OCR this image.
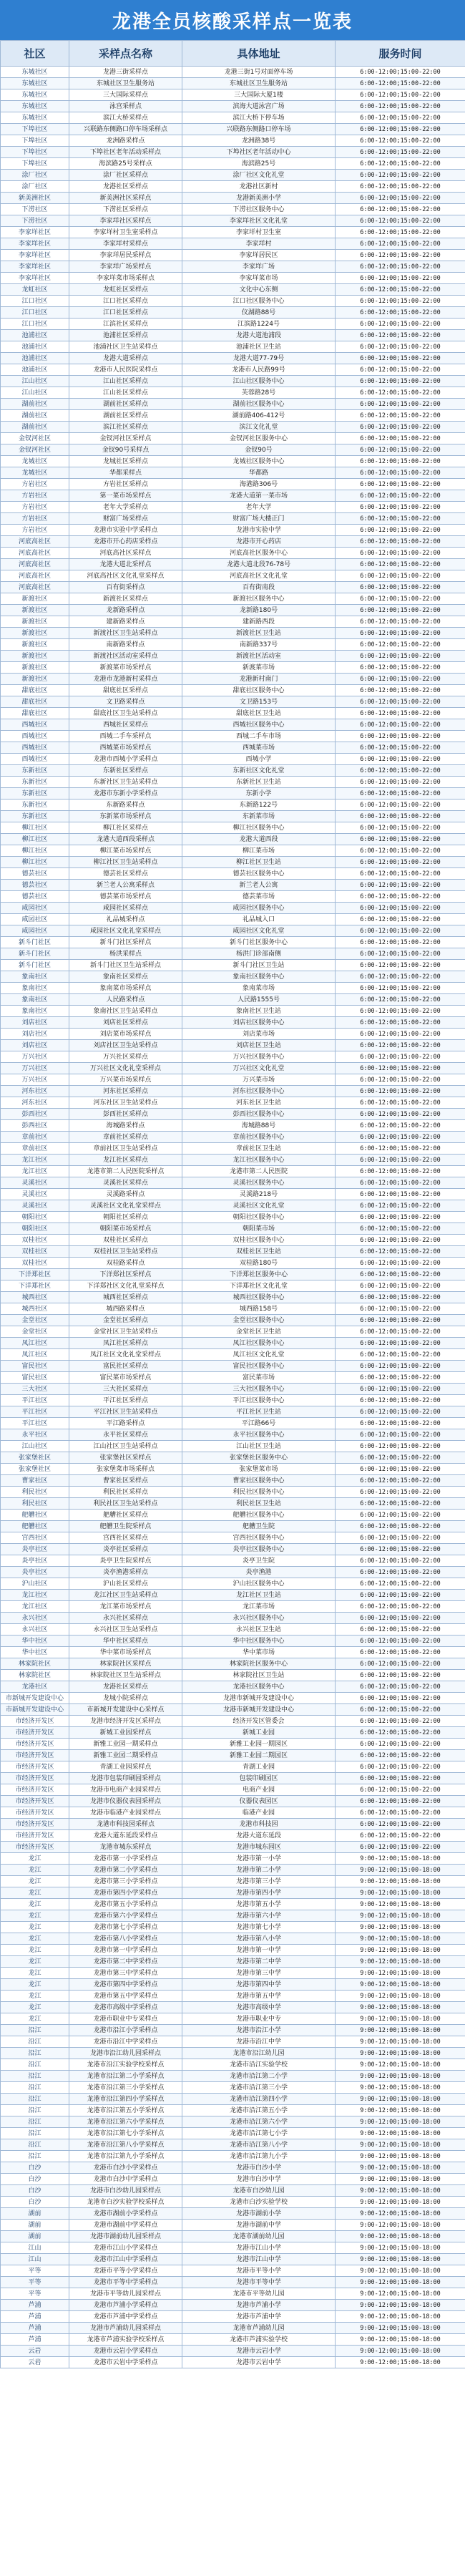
龙港全员核酸采样点一览表
社区	采样点名称	具体地址	服务时间
东城社区	龙港三街采样点	龙港三街1号对面停车场	6:00-12:00;15:00-22:00
东城社区	东城社区卫生服务站	东城社区卫生服务站	6:00-12:00;15:00-22:00
东城社区	三大国际采样点	三大国际大厦1楼	6:00-12:00;15:00-22:00
东城社区	泳宫采样点	滨海大道泳宫广场	6:00-12:00;15:00-22:00
东城社区	滨江大桥采样点	滨江大桥下停车场	6:00-12:00;15:00-22:00
下埠社区	兴联路东侧路口停车场采样点	兴联路东侧路口停车场	6:00-12:00;15:00-22:00
下埠社区	龙洲路采样点	龙洲路38号	6:00-12:00;15:00-22:00
下埠社区	下埠社区老年活动采样点	下埠社区老年活动中心	6:00-12:00;15:00-22:00
下埠社区	海滨路25号采样点	海滨路25号	6:00-12:00;15:00-22:00
涂厂社区	涂厂社区采样点	涂厂社区文化礼堂	6:00-12:00;15:00-22:00
涂厂社区	龙港社区采样点	龙港社区新村	6:00-12:00;15:00-22:00
新美洲社区	新美洲社区采样点	龙港新美洲小学	6:00-12:00;15:00-22:00
下涝社区	下涝社区采样点	下涝社区服务中心	6:00-12:00;15:00-22:00
下涝社区	李家垟社区采样点	李家垟社区文化礼堂	6:00-12:00;15:00-22:00
李家垟社区	李家垟村卫生室采样点	李家垟村卫生室	6:00-12:00;15:00-22:00
李家垟社区	李家垟村采样点	李家垟村	6:00-12:00;15:00-22:00
李家垟社区	李家垟居民采样点	李家垟居民区	6:00-12:00;15:00-22:00
李家垟社区	李家垟广场采样点	李家垟广场	6:00-12:00;15:00-22:00
李家垟社区	李家垟菜市场采样点	李家垟菜市场	6:00-12:00;15:00-22:00
龙虹社区	龙虹社区采样点	文化中心东侧	6:00-12:00;15:00-22:00
江口社区	江口社区采样点	江口社区服务中心	6:00-12:00;15:00-22:00
江口社区	江口社区采样点	仪湖路88号	6:00-12:00;15:00-22:00
江口社区	江滨社区采样点	江滨路1224号	6:00-12:00;15:00-22:00
池浦社区	池浦社区采样点	龙港大道池浦段	6:00-12:00;15:00-22:00
池浦社区	池浦社区卫生站采样点	池浦社区卫生站	6:00-12:00;15:00-22:00
池浦社区	龙港大道采样点	龙港大道77-79号	6:00-12:00;15:00-22:00
池浦社区	龙港市人民医院采样点	龙港市人民路99号	6:00-12:00;15:00-22:00
江山社区	江山社区采样点	江山社区服务中心	6:00-12:00;15:00-22:00
江山社区	江山社区采样点	芙蓉路28号	6:00-12:00;15:00-22:00
湖前社区	湖前社区采样点	湖前社区服务中心	6:00-12:00;15:00-22:00
湖前社区	湖前社区采样点	湖前路406-412号	6:00-12:00;15:00-22:00
湖前社区	滨江社区采样点	滨江文化礼堂	6:00-12:00;15:00-22:00
金钗河社区	金钗河社区采样点	金钗河社区服务中心	6:00-12:00;15:00-22:00
金钗河社区	金钗90号采样点	金钗90号	6:00-12:00;15:00-22:00
龙城社区	龙城社区采样点	龙城社区服务中心	6:00-12:00;15:00-22:00
龙城社区	华都采样点	华都路	6:00-12:00;15:00-22:00
方岩社区	方岩社区采样点	海港路306号	6:00-12:00;15:00-22:00
方岩社区	第一菜市场采样点	龙港大道第一菜市场	6:00-12:00;15:00-22:00
方岩社区	老年大学采样点	老年大学	6:00-12:00;15:00-22:00
方岩社区	财富广场采样点	财富广场大楼正门	6:00-12:00;15:00-22:00
方岩社区	龙港市实验中学采样点	龙港市实验中学	6:00-12:00;15:00-22:00
河底高社区	龙港市开心药店采样点	龙港市开心药店	6:00-12:00;15:00-22:00
河底高社区	河底高社区采样点	河底高社区服务中心	6:00-12:00;15:00-22:00
河底高社区	龙港大道北采样点	龙港大道北段76-78号	6:00-12:00;15:00-22:00
河底高社区	河底高社区文化礼堂采样点	河底高社区文化礼堂	6:00-12:00;15:00-22:00
河底高社区	百有街采样点	百有街南段	6:00-12:00;15:00-22:00
新渡社区	新渡社区采样点	新渡社区服务中心	6:00-12:00;15:00-22:00
新渡社区	龙新路采样点	龙新路180号	6:00-12:00;15:00-22:00
新渡社区	建新路采样点	建新路西段	6:00-12:00;15:00-22:00
新渡社区	新渡社区卫生站采样点	新渡社区卫生站	6:00-12:00;15:00-22:00
新渡社区	南新路采样点	南新路337号	6:00-12:00;15:00-22:00
新渡社区	新渡社区活动室采样点	新渡社区活动室	6:00-12:00;15:00-22:00
新渡社区	新渡菜市场采样点	新渡菜市场	6:00-12:00;15:00-22:00
新渡社区	龙港市龙港新村采样点	龙港新村南门	6:00-12:00;15:00-22:00
甜底社区	甜底社区采样点	甜底社区服务中心	6:00-12:00;15:00-22:00
甜底社区	文卫路采样点	文卫路153号	6:00-12:00;15:00-22:00
甜底社区	甜底社区卫生站采样点	甜底社区卫生站	6:00-12:00;15:00-22:00
西城社区	西城社区采样点	西城社区服务中心	6:00-12:00;15:00-22:00
西城社区	西城二手车采样点	西城二手车市场	6:00-12:00;15:00-22:00
西城社区	西城菜市场采样点	西城菜市场	6:00-12:00;15:00-22:00
西城社区	龙港市西城小学采样点	西城小学	6:00-12:00;15:00-22:00
东新社区	东新社区采样点	东新社区文化礼堂	6:00-12:00;15:00-22:00
东新社区	东新社区卫生站采样点	东新社区卫生站	6:00-12:00;15:00-22:00
东新社区	龙港市东新小学采样点	东新小学	6:00-12:00;15:00-22:00
东新社区	东新路采样点	东新路122号	6:00-12:00;15:00-22:00
东新社区	东新菜市场采样点	东新菜市场	6:00-12:00;15:00-22:00
柳江社区	柳江社区采样点	柳江社区服务中心	6:00-12:00;15:00-22:00
柳江社区	龙港大道西段采样点	龙港大道西段	6:00-12:00;15:00-22:00
柳江社区	柳江菜市场采样点	柳江菜市场	6:00-12:00;15:00-22:00
柳江社区	柳江社区卫生站采样点	柳江社区卫生站	6:00-12:00;15:00-22:00
德芸社区	德芸社区采样点	德芸社区服务中心	6:00-12:00;15:00-22:00
德芸社区	新兰老人公寓采样点	新兰老人公寓	6:00-12:00;15:00-22:00
德芸社区	德芸菜市场采样点	德芸菜市场	6:00-12:00;15:00-22:00
咸园社区	咸园社区采样点	咸园社区服务中心	6:00-12:00;15:00-22:00
咸园社区	礼品城采样点	礼品城入口	6:00-12:00;15:00-22:00
咸园社区	咸园社区文化礼堂采样点	咸园社区文化礼堂	6:00-12:00;15:00-22:00
新斗门社区	新斗门社区采样点	新斗门社区服务中心	6:00-12:00;15:00-22:00
新斗门社区	杨洪采样点	杨洪门诊部南侧	6:00-12:00;15:00-22:00
新斗门社区	新斗门社区卫生站采样点	新斗门社区卫生站	6:00-12:00;15:00-22:00
象南社区	象南社区采样点	象南社区服务中心	6:00-12:00;15:00-22:00
象南社区	象南菜市场采样点	象南菜市场	6:00-12:00;15:00-22:00
象南社区	人民路采样点	人民路1555号	6:00-12:00;15:00-22:00
象南社区	象南社区卫生站采样点	象南社区卫生站	6:00-12:00;15:00-22:00
刘店社区	刘店社区采样点	刘店社区服务中心	6:00-12:00;15:00-22:00
刘店社区	刘店菜市场采样点	刘店菜市场	6:00-12:00;15:00-22:00
刘店社区	刘店社区卫生站采样点	刘店社区卫生站	6:00-12:00;15:00-22:00
万兴社区	万兴社区采样点	万兴社区服务中心	6:00-12:00;15:00-22:00
万兴社区	万兴社区文化礼堂采样点	万兴社区文化礼堂	6:00-12:00;15:00-22:00
万兴社区	万兴菜市场采样点	万兴菜市场	6:00-12:00;15:00-22:00
河东社区	河东社区采样点	河东社区服务中心	6:00-12:00;15:00-22:00
河东社区	河东社区卫生站采样点	河东社区卫生站	6:00-12:00;15:00-22:00
彭西社区	彭西社区采样点	彭西社区服务中心	6:00-12:00;15:00-22:00
彭西社区	海城路采样点	海城路88号	6:00-12:00;15:00-22:00
章前社区	章前社区采样点	章前社区服务中心	6:00-12:00;15:00-22:00
章前社区	章前社区卫生站采样点	章前社区卫生站	6:00-12:00;15:00-22:00
龙江社区	龙江社区采样点	龙江社区服务中心	6:00-12:00;15:00-22:00
龙江社区	龙港市第二人民医院采样点	龙港市第二人民医院	6:00-12:00;15:00-22:00
灵溪社区	灵溪社区采样点	灵溪社区服务中心	6:00-12:00;15:00-22:00
灵溪社区	灵溪路采样点	灵溪路218号	6:00-12:00;15:00-22:00
灵溪社区	灵溪社区文化礼堂采样点	灵溪社区文化礼堂	6:00-12:00;15:00-22:00
朝阳社区	朝阳社区采样点	朝阳社区服务中心	6:00-12:00;15:00-22:00
朝阳社区	朝阳菜市场采样点	朝阳菜市场	6:00-12:00;15:00-22:00
双桂社区	双桂社区采样点	双桂社区服务中心	6:00-12:00;15:00-22:00
双桂社区	双桂社区卫生站采样点	双桂社区卫生站	6:00-12:00;15:00-22:00
双桂社区	双桂路采样点	双桂路180号	6:00-12:00;15:00-22:00
下洋郑社区	下洋郑社区采样点	下洋郑社区服务中心	6:00-12:00;15:00-22:00
下洋郑社区	下洋郑社区文化礼堂采样点	下洋郑社区文化礼堂	6:00-12:00;15:00-22:00
城西社区	城西社区采样点	城西社区服务中心	6:00-12:00;15:00-22:00
城西社区	城西路采样点	城西路158号	6:00-12:00;15:00-22:00
金堂社区	金堂社区采样点	金堂社区服务中心	6:00-12:00;15:00-22:00
金堂社区	金堂社区卫生站采样点	金堂社区卫生站	6:00-12:00;15:00-22:00
凤江社区	凤江社区采样点	凤江社区服务中心	6:00-12:00;15:00-22:00
凤江社区	凤江社区文化礼堂采样点	凤江社区文化礼堂	6:00-12:00;15:00-22:00
富民社区	富民社区采样点	富民社区服务中心	6:00-12:00;15:00-22:00
富民社区	富民菜市场采样点	富民菜市场	6:00-12:00;15:00-22:00
三大社区	三大社区采样点	三大社区服务中心	6:00-12:00;15:00-22:00
平江社区	平江社区采样点	平江社区服务中心	6:00-12:00;15:00-22:00
平江社区	平江社区卫生站采样点	平江社区卫生站	6:00-12:00;15:00-22:00
平江社区	平江路采样点	平江路66号	6:00-12:00;15:00-22:00
永平社区	永平社区采样点	永平社区服务中心	6:00-12:00;15:00-22:00
江山社区	江山社区卫生站采样点	江山社区卫生站	6:00-12:00;15:00-22:00
张家堡社区	张家堡社区采样点	张家堡社区服务中心	6:00-12:00;15:00-22:00
张家堡社区	张家堡菜市场采样点	张家堡菜市场	6:00-12:00;15:00-22:00
曹家社区	曹家社区采样点	曹家社区服务中心	6:00-12:00;15:00-22:00
利民社区	利民社区采样点	利民社区服务中心	6:00-12:00;15:00-22:00
利民社区	利民社区卫生站采样点	利民社区卫生站	6:00-12:00;15:00-22:00
舥艚社区	舥艚社区采样点	舥艚社区服务中心	6:00-12:00;15:00-22:00
舥艚社区	舥艚卫生院采样点	舥艚卫生院	6:00-12:00;15:00-22:00
宫西社区	宫西社区采样点	宫西社区服务中心	6:00-12:00;15:00-22:00
炎亭社区	炎亭社区采样点	炎亭社区服务中心	6:00-12:00;15:00-22:00
炎亭社区	炎亭卫生院采样点	炎亭卫生院	6:00-12:00;15:00-22:00
炎亭社区	炎亭渔港采样点	炎亭渔港	6:00-12:00;15:00-22:00
沪山社区	沪山社区采样点	沪山社区服务中心	6:00-12:00;15:00-22:00
龙江社区	龙江社区卫生站采样点	龙江社区卫生站	6:00-12:00;15:00-22:00
龙江社区	龙江菜市场采样点	龙江菜市场	6:00-12:00;15:00-22:00
永兴社区	永兴社区采样点	永兴社区服务中心	6:00-12:00;15:00-22:00
永兴社区	永兴社区卫生站采样点	永兴社区卫生站	6:00-12:00;15:00-22:00
华中社区	华中社区采样点	华中社区服务中心	6:00-12:00;15:00-22:00
华中社区	华中菜市场采样点	华中菜市场	6:00-12:00;15:00-22:00
林家院社区	林家院社区采样点	林家院社区服务中心	6:00-12:00;15:00-22:00
林家院社区	林家院社区卫生站采样点	林家院社区卫生站	6:00-12:00;15:00-22:00
龙港社区	龙港社区采样点	龙港社区服务中心	6:00-12:00;15:00-22:00
市新城开发建设中心	龙城小院采样点	龙港市新城开发建设中心	6:00-12:00;15:00-22:00
市新城开发建设中心	市新城开发建设中心采样点	龙港市新城开发建设中心	6:00-12:00;15:00-22:00
市经济开发区	龙港市经济开发区采样点	经济开发区管委会	6:00-12:00;15:00-22:00
市经济开发区	新城工业园采样点	新城工业园	6:00-12:00;15:00-22:00
市经济开发区	新雅工业园一期采样点	新雅工业园一期园区	6:00-12:00;15:00-22:00
市经济开发区	新雅工业园二期采样点	新雅工业园二期园区	6:00-12:00;15:00-22:00
市经济开发区	青湖工业园采样点	青湖工业园	6:00-12:00;15:00-22:00
市经济开发区	龙港市包装印刷园采样点	包装印刷园区	6:00-12:00;15:00-22:00
市经济开发区	龙港市电商产业园采样点	电商产业园	6:00-12:00;15:00-22:00
市经济开发区	龙港市仪器仪表园采样点	仪器仪表园区	6:00-12:00;15:00-22:00
市经济开发区	龙港市临港产业园采样点	临港产业园	6:00-12:00;15:00-22:00
市经济开发区	龙港市科技园采样点	龙港市科技园	6:00-12:00;15:00-22:00
市经济开发区	龙港大道东延段采样点	龙港大道东延段	6:00-12:00;15:00-22:00
市经济开发区	龙港市城东采样点	龙港市城东园区	6:00-12:00;15:00-22:00
龙江	龙港市第一小学采样点	龙港市第一小学	9:00-12:00;15:00-18:00
龙江	龙港市第二小学采样点	龙港市第二小学	9:00-12:00;15:00-18:00
龙江	龙港市第三小学采样点	龙港市第三小学	9:00-12:00;15:00-18:00
龙江	龙港市第四小学采样点	龙港市第四小学	9:00-12:00;15:00-18:00
龙江	龙港市第五小学采样点	龙港市第五小学	9:00-12:00;15:00-18:00
龙江	龙港市第六小学采样点	龙港市第六小学	9:00-12:00;15:00-18:00
龙江	龙港市第七小学采样点	龙港市第七小学	9:00-12:00;15:00-18:00
龙江	龙港市第八小学采样点	龙港市第八小学	9:00-12:00;15:00-18:00
龙江	龙港市第一中学采样点	龙港市第一中学	9:00-12:00;15:00-18:00
龙江	龙港市第二中学采样点	龙港市第二中学	9:00-12:00;15:00-18:00
龙江	龙港市第三中学采样点	龙港市第三中学	9:00-12:00;15:00-18:00
龙江	龙港市第四中学采样点	龙港市第四中学	9:00-12:00;15:00-18:00
龙江	龙港市第五中学采样点	龙港市第五中学	9:00-12:00;15:00-18:00
龙江	龙港市高级中学采样点	龙港市高级中学	9:00-12:00;15:00-18:00
龙江	龙港市职业中专采样点	龙港市职业中专	9:00-12:00;15:00-18:00
沿江	龙港市沿江小学采样点	龙港市沿江小学	9:00-12:00;15:00-18:00
沿江	龙港市沿江中学采样点	龙港市沿江中学	9:00-12:00;15:00-18:00
沿江	龙港市沿江幼儿园采样点	龙港市沿江幼儿园	9:00-12:00;15:00-18:00
沿江	龙港市沿江实验学校采样点	龙港市沿江实验学校	9:00-12:00;15:00-18:00
沿江	龙港市沿江第二小学采样点	龙港市沿江第二小学	9:00-12:00;15:00-18:00
沿江	龙港市沿江第三小学采样点	龙港市沿江第三小学	9:00-12:00;15:00-18:00
沿江	龙港市沿江第四小学采样点	龙港市沿江第四小学	9:00-12:00;15:00-18:00
沿江	龙港市沿江第五小学采样点	龙港市沿江第五小学	9:00-12:00;15:00-18:00
沿江	龙港市沿江第六小学采样点	龙港市沿江第六小学	9:00-12:00;15:00-18:00
沿江	龙港市沿江第七小学采样点	龙港市沿江第七小学	9:00-12:00;15:00-18:00
沿江	龙港市沿江第八小学采样点	龙港市沿江第八小学	9:00-12:00;15:00-18:00
沿江	龙港市沿江第九小学采样点	龙港市沿江第九小学	9:00-12:00;15:00-18:00
白沙	龙港市白沙小学采样点	龙港市白沙小学	9:00-12:00;15:00-18:00
白沙	龙港市白沙中学采样点	龙港市白沙中学	9:00-12:00;15:00-18:00
白沙	龙港市白沙幼儿园采样点	龙港市白沙幼儿园	9:00-12:00;15:00-18:00
白沙	龙港市白沙实验学校采样点	龙港市白沙实验学校	9:00-12:00;15:00-18:00
湖前	龙港市湖前小学采样点	龙港市湖前小学	9:00-12:00;15:00-18:00
湖前	龙港市湖前中学采样点	龙港市湖前中学	9:00-12:00;15:00-18:00
湖前	龙港市湖前幼儿园采样点	龙港市湖前幼儿园	9:00-12:00;15:00-18:00
江山	龙港市江山小学采样点	龙港市江山小学	9:00-12:00;15:00-18:00
江山	龙港市江山中学采样点	龙港市江山中学	9:00-12:00;15:00-18:00
平等	龙港市平等小学采样点	龙港市平等小学	9:00-12:00;15:00-18:00
平等	龙港市平等中学采样点	龙港市平等中学	9:00-12:00;15:00-18:00
平等	龙港市平等幼儿园采样点	龙港市平等幼儿园	9:00-12:00;15:00-18:00
芦浦	龙港市芦浦小学采样点	龙港市芦浦小学	9:00-12:00;15:00-18:00
芦浦	龙港市芦浦中学采样点	龙港市芦浦中学	9:00-12:00;15:00-18:00
芦浦	龙港市芦浦幼儿园采样点	龙港市芦浦幼儿园	9:00-12:00;15:00-18:00
芦浦	龙港市芦浦实验学校采样点	龙港市芦浦实验学校	9:00-12:00;15:00-18:00
云岩	龙港市云岩小学采样点	龙港市云岩小学	9:00-12:00;15:00-18:00
云岩	龙港市云岩中学采样点	龙港市云岩中学	9:00-12:00;15:00-18:00
